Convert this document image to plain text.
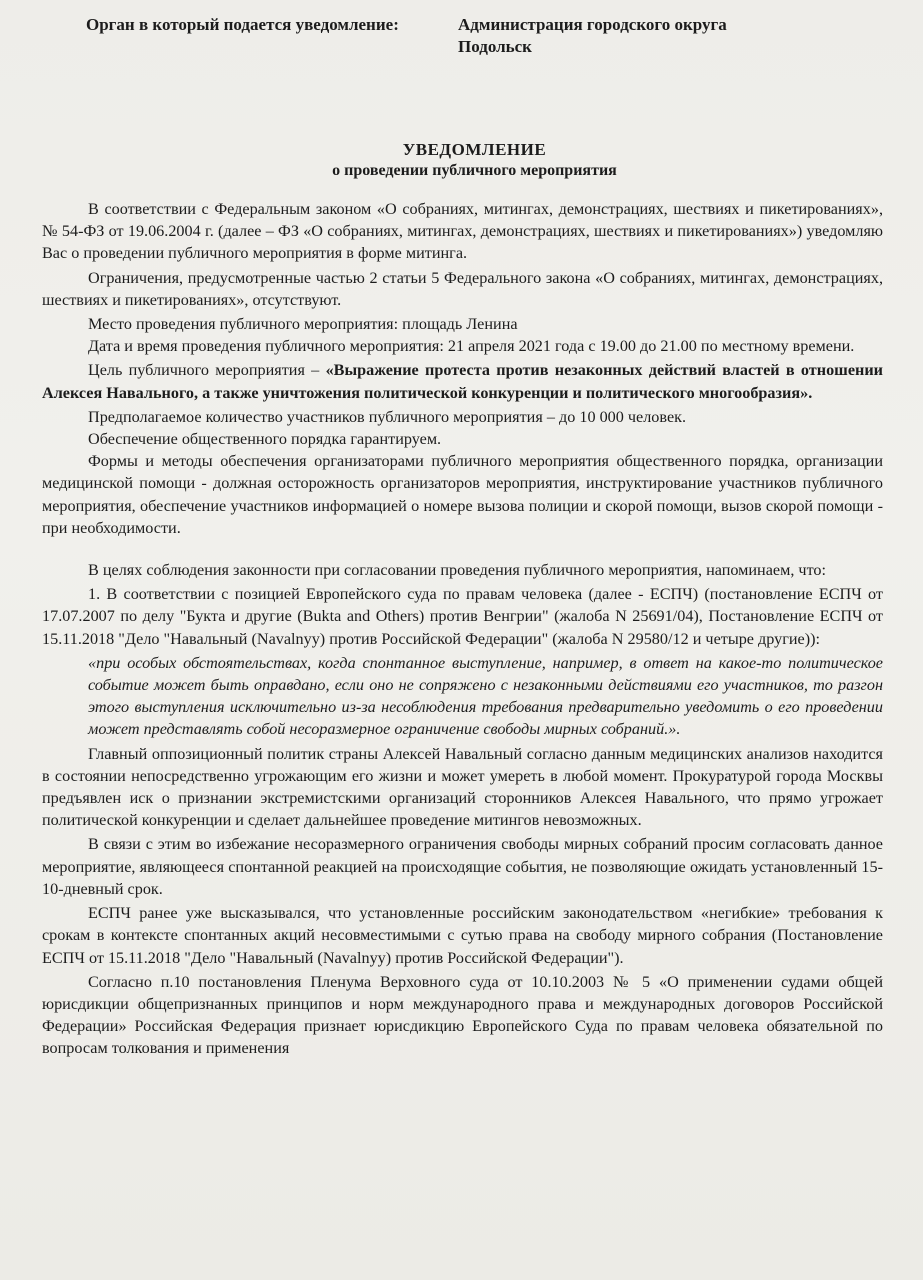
Орган в который подается уведомление:	Администрация городского округа
Подольск
УВЕДОМЛЕНИЕ
о проведении публичного мероприятия

В соответствии с Федеральным законом «О собраниях, митингах, демонстрациях, шествиях и пикетированиях», № 54-ФЗ от 19.06.2004 г. (далее – ФЗ «О собраниях, митингах, демонстрациях, шествиях и пикетированиях») уведомляю Вас о проведении публичного мероприятия в форме митинга.

Ограничения, предусмотренные частью 2 статьи 5 Федерального закона «О собраниях, митингах, демонстрациях, шествиях и пикетированиях», отсутствуют.

Место проведения публичного мероприятия: площадь Ленина

Дата и время проведения публичного мероприятия: 21 апреля 2021 года с 19.00 до 21.00 по местному времени.

Цель публичного мероприятия – «Выражение протеста против незаконных действий властей в отношении Алексея Навального, а также уничтожения политической конкуренции и политического многообразия».

Предполагаемое количество участников публичного мероприятия – до 10 000 человек.

Обеспечение общественного порядка гарантируем.

Формы и методы обеспечения организаторами публичного мероприятия общественного порядка, организации медицинской помощи - должная осторожность организаторов мероприятия, инструктирование участников публичного мероприятия, обеспечение участников информацией о номере вызова полиции и скорой помощи, вызов скорой помощи - при необходимости.

В целях соблюдения законности при согласовании проведения публичного мероприятия, напоминаем, что:

1. В соответствии с позицией Европейского суда по правам человека (далее - ЕСПЧ) (постановление ЕСПЧ от 17.07.2007 по делу "Букта и другие (Bukta and Others) против Венгрии" (жалоба N 25691/04), Постановление ЕСПЧ от 15.11.2018 "Дело "Навальный (Navalnyy) против Российской Федерации" (жалоба N 29580/12 и четыре другие)):

«при особых обстоятельствах, когда спонтанное выступление, например, в ответ на какое-то политическое событие может быть оправдано, если оно не сопряжено с незаконными действиями его участников, то разгон этого выступления исключительно из-за несоблюдения требования предварительно уведомить о его проведении может представлять собой несоразмерное ограничение свободы мирных собраний.».

Главный оппозиционный политик страны Алексей Навальный согласно данным медицинских анализов находится в состоянии непосредственно угрожающим его жизни и может умереть в любой момент. Прокуратурой города Москвы предъявлен иск о признании экстремистскими организаций сторонников Алексея Навального, что прямо угрожает политической конкуренции и сделает дальнейшее проведение митингов невозможных.

В связи с этим во избежание несоразмерного ограничения свободы мирных собраний просим согласовать данное мероприятие, являющееся спонтанной реакцией на происходящие события, не позволяющие ожидать установленный 15-10-дневный срок.

ЕСПЧ ранее уже высказывался, что установленные российским законодательством «негибкие» требования к срокам в контексте спонтанных акций несовместимыми с сутью права на свободу мирного собрания (Постановление ЕСПЧ от 15.11.2018 "Дело "Навальный (Navalnyy) против Российской Федерации").

Согласно п.10 постановления Пленума Верховного суда от 10.10.2003 № 5 «О применении судами общей юрисдикции общепризнанных принципов и норм международного права и международных договоров Российской Федерации» Российская Федерация признает юрисдикцию Европейского Суда по правам человека обязательной по вопросам толкования и применения
